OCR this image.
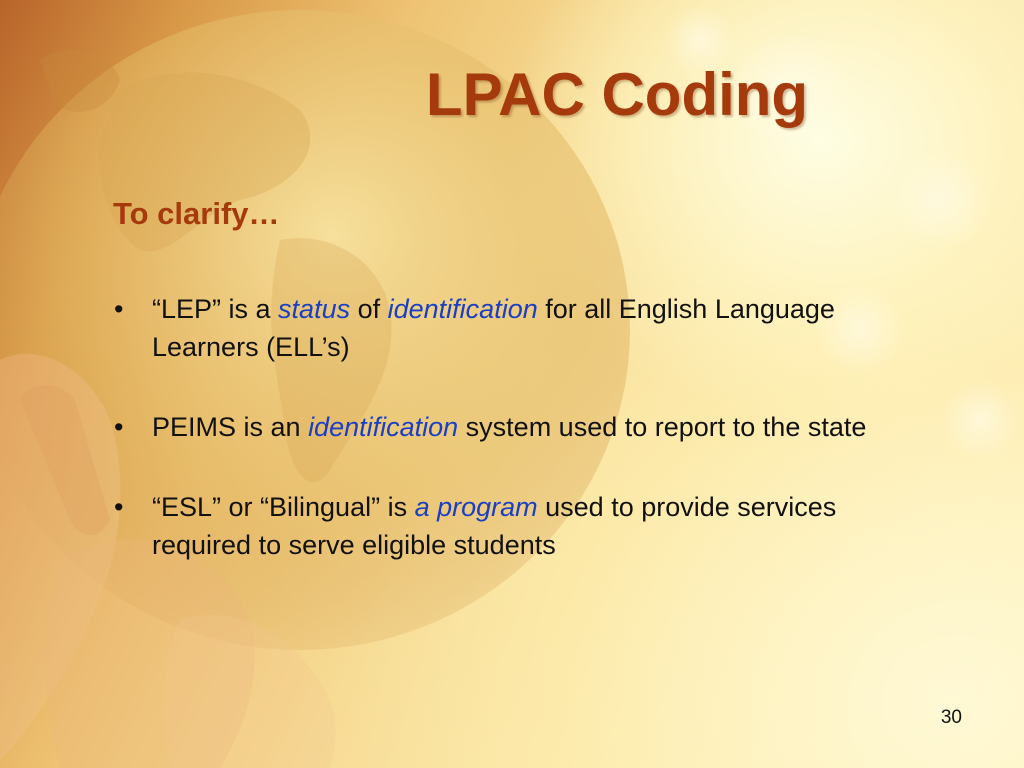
LPAC Coding
To clarify…
• “LEP” is a status of identification for all English Language Learners (ELL’s)
• PEIMS is an identification system used to report to the state
• “ESL” or “Bilingual” is a program used to provide services required to serve eligible students
30
